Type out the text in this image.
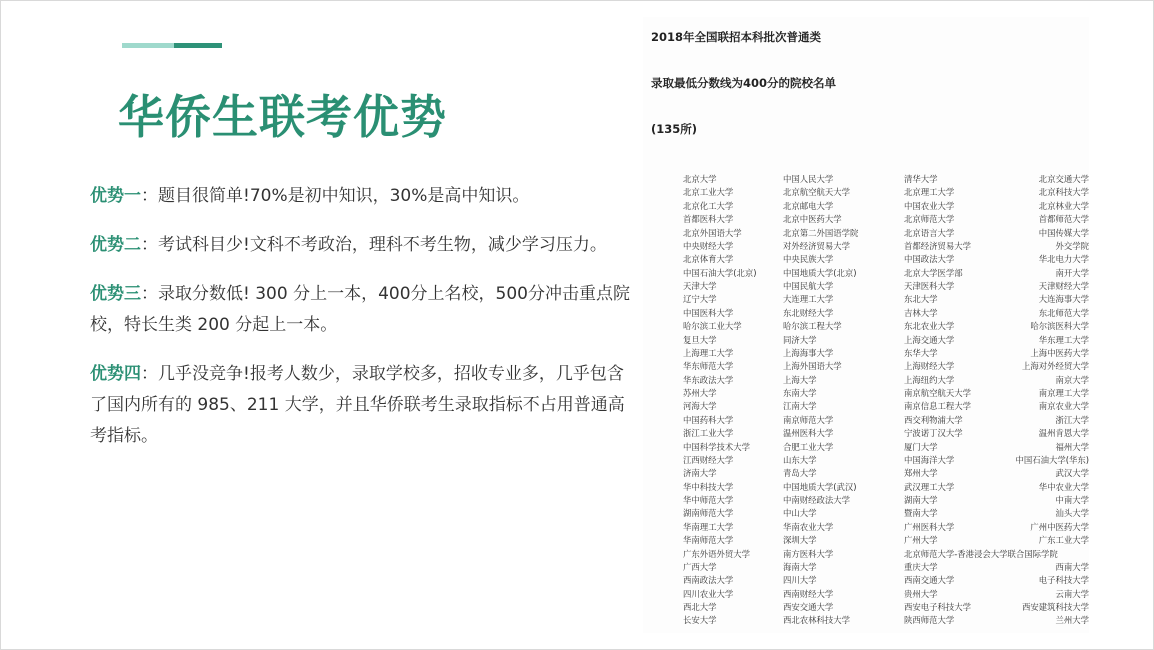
华侨生联考优势

优势一：题目很简单!70%是初中知识，30%是高中知识。

优势二：考试科目少!文科不考政治，理科不考生物，减少学习压力。

优势三：录取分数低! 300 分上一本，400分上名校，500分冲击重点院校，特长生类 200 分起上一本。

优势四：几乎没竞争!报考人数少，录取学校多，招收专业多，几乎包含了国内所有的 985、211 大学，并且华侨联考生录取指标不占用普通高考指标。

2018年全国联招本科批次普通类
录取最低分数线为400分的院校名单
(135所)
北京大学	中国人民大学	清华大学	北京交通大学
北京工业大学	北京航空航天大学	北京理工大学	北京科技大学
北京化工大学	北京邮电大学	中国农业大学	北京林业大学
首都医科大学	北京中医药大学	北京师范大学	首都师范大学
北京外国语大学	北京第二外国语学院	北京语言大学	中国传媒大学
中央财经大学	对外经济贸易大学	首都经济贸易大学	外交学院
北京体育大学	中央民族大学	中国政法大学	华北电力大学
中国石油大学(北京)	中国地质大学(北京)	北京大学医学部	南开大学
天津大学	中国民航大学	天津医科大学	天津财经大学
辽宁大学	大连理工大学	东北大学	大连海事大学
中国医科大学	东北财经大学	吉林大学	东北师范大学
哈尔滨工业大学	哈尔滨工程大学	东北农业大学	哈尔滨医科大学
复旦大学	同济大学	上海交通大学	华东理工大学
上海理工大学	上海海事大学	东华大学	上海中医药大学
华东师范大学	上海外国语大学	上海财经大学	上海对外经贸大学
华东政法大学	上海大学	上海纽约大学	南京大学
苏州大学	东南大学	南京航空航天大学	南京理工大学
河海大学	江南大学	南京信息工程大学	南京农业大学
中国药科大学	南京师范大学	西交利物浦大学	浙江大学
浙江工业大学	温州医科大学	宁波诺丁汉大学	温州肯恩大学
中国科学技术大学	合肥工业大学	厦门大学	福州大学
江西财经大学	山东大学	中国海洋大学	中国石油大学(华东)
济南大学	青岛大学	郑州大学	武汉大学
华中科技大学	中国地质大学(武汉)	武汉理工大学	华中农业大学
华中师范大学	中南财经政法大学	湖南大学	中南大学
湖南师范大学	中山大学	暨南大学	汕头大学
华南理工大学	华南农业大学	广州医科大学	广州中医药大学
华南师范大学	深圳大学	广州大学	广东工业大学
广东外语外贸大学	南方医科大学	北京师范大学-香港浸会大学联合国际学院	
广西大学	海南大学	重庆大学	西南大学
西南政法大学	四川大学	西南交通大学	电子科技大学
四川农业大学	西南财经大学	贵州大学	云南大学
西北大学	西安交通大学	西安电子科技大学	西安建筑科技大学
长安大学	西北农林科技大学	陕西师范大学	兰州大学
